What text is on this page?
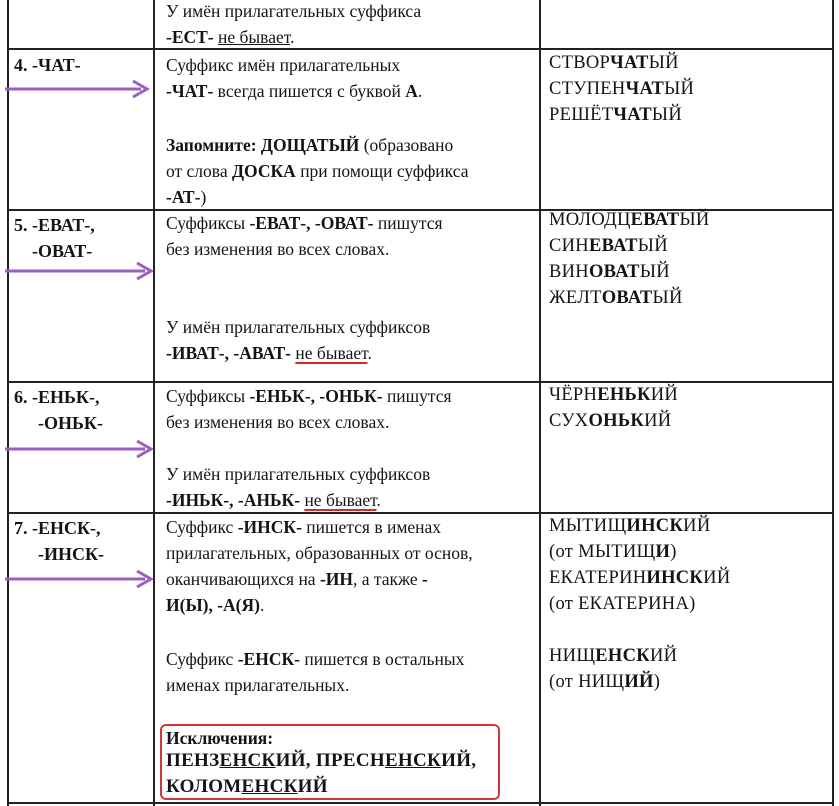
У имён прилагательных суффикса
-ЕСТ- не бывает.
4. -ЧАТ-	Суффикс имён прилагательных
-ЧАТ- всегда пишется с буквой А.
Запомните: ДОЩАТЫЙ (образовано
от слова ДОСКА при помощи суффикса
-АТ-)
СТВОРЧАТЫЙ
СТУПЕНЧАТЫЙ
РЕШЁТЧАТЫЙ
5. -ЕВАТ-,
-ОВАТ-
Суффиксы -ЕВАТ-, -ОВАТ- пишутся
без изменения во всех словах.
У имён прилагательных суффиксов
-ИВАТ-, -АВАТ- не бывает.
МОЛОДЦЕВАТЫЙ
СИНЕВАТЫЙ
ВИНОВАТЫЙ
ЖЕЛТОВАТЫЙ
6. -ЕНЬК-,
-ОНЬК-
Суффиксы -ЕНЬК-, -ОНЬК- пишутся
без изменения во всех словах.
У имён прилагательных суффиксов
-ИНЬК-, -АНЬК- не бывает.
ЧЁРНЕНЬКИЙ
СУХОНЬКИЙ
7. -ЕНСК-,
-ИНСК-
Суффикс -ИНСК- пишется в именах
прилагательных, образованных от основ,
оканчивающихся на -ИН, а также -
И(Ы), -А(Я).
Суффикс -ЕНСК- пишется в остальных
именах прилагательных.
Исключения:
ПЕНЗЕНСКИЙ, ПРЕСНЕНСКИЙ,
КОЛОМЕНСКИЙ
МЫТИЩИНСКИЙ
(от МЫТИЩИ)
ЕКАТЕРИНИНСКИЙ
(от ЕКАТЕРИНА)
НИЩЕНСКИЙ
(от НИЩИЙ)
